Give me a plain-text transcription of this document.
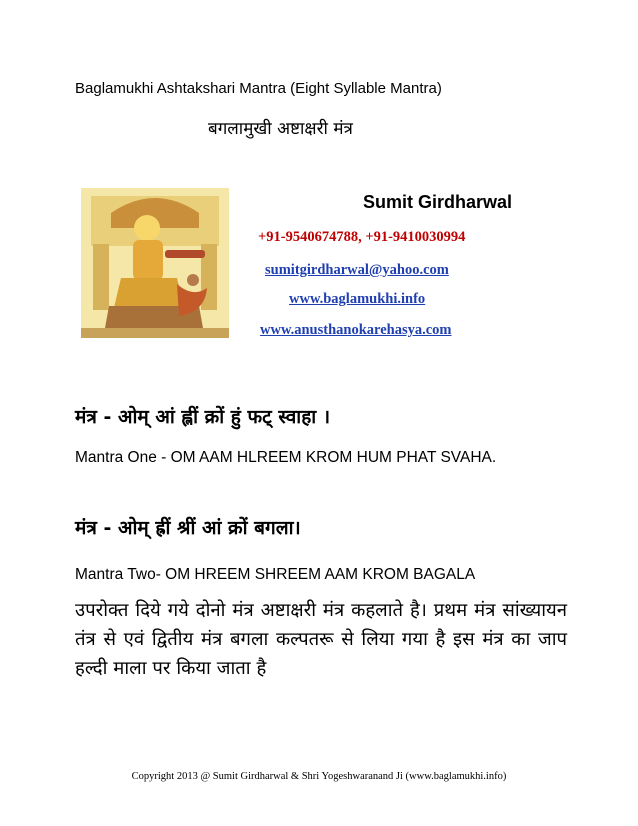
Baglamukhi Ashtakshari Mantra (Eight Syllable Mantra)
बगलामुखी अष्टाक्षरी मंत्र
Sumit Girdharwal
+91-9540674788, +91-9410030994
sumitgirdharwal@yahoo.com
www.baglamukhi.info
www.anusthanokarehasya.com
मंत्र - ओम् आं ह्लीं क्रों हुं फट् स्वाहा ।
Mantra One - OM AAM HLREEM KROM HUM PHAT SVAHA.
मंत्र - ओम् ह्रीं श्रीं आं क्रों बगला।
Mantra Two- OM HREEM SHREEM AAM KROM BAGALA
उपरोक्त दिये गये दोनो मंत्र अष्टाक्षरी मंत्र कहलाते है। प्रथम मंत्र सांख्यायन तंत्र से एवं द्वितीय मंत्र बगला कल्पतरू से लिया गया है इस मंत्र का जाप हल्दी माला पर किया जाता है
Copyright 2013 @ Sumit Girdharwal & Shri Yogeshwaranand Ji (www.baglamukhi.info)
